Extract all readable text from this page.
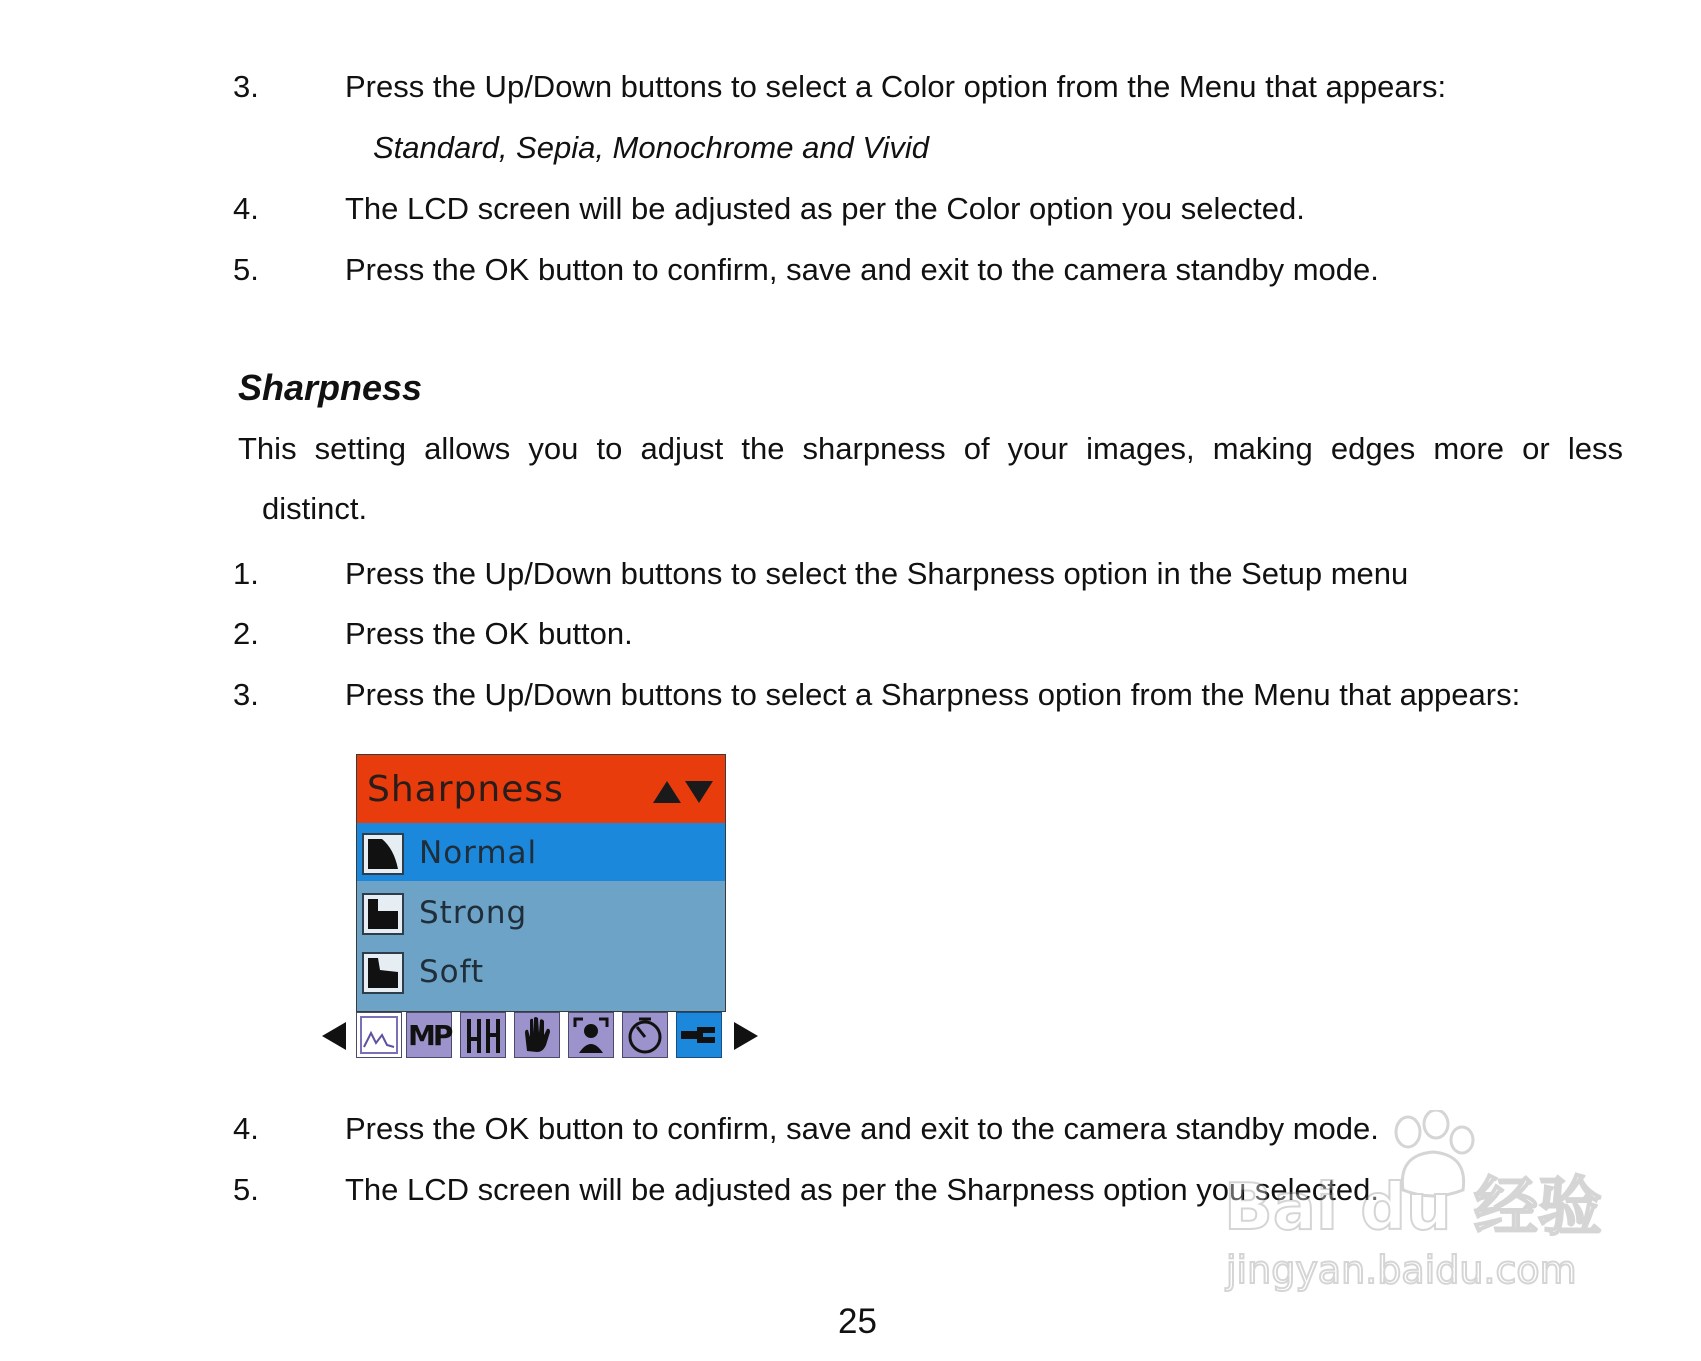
3.	Press the Up/Down buttons to select a Color option from the Menu that appears:
Standard, Sepia, Monochrome and Vivid
4.	The LCD screen will be adjusted as per the Color option you selected.
5.	Press the OK button to confirm, save and exit to the camera standby mode.
Sharpness
This setting allows you to adjust the sharpness of your images, making edges more or less
distinct.
1.	Press the Up/Down buttons to select the Sharpness option in the Setup menu
2.	Press the OK button.
3.	Press the Up/Down buttons to select a Sharpness option from the Menu that appears:
Sharpness
Normal
Strong
Soft
MP
4.	Press the OK button to confirm, save and exit to the camera standby mode.
5.	The LCD screen will be adjusted as per the Sharpness option you selected.
Bai du 经验
jingyan.baidu.com
25
